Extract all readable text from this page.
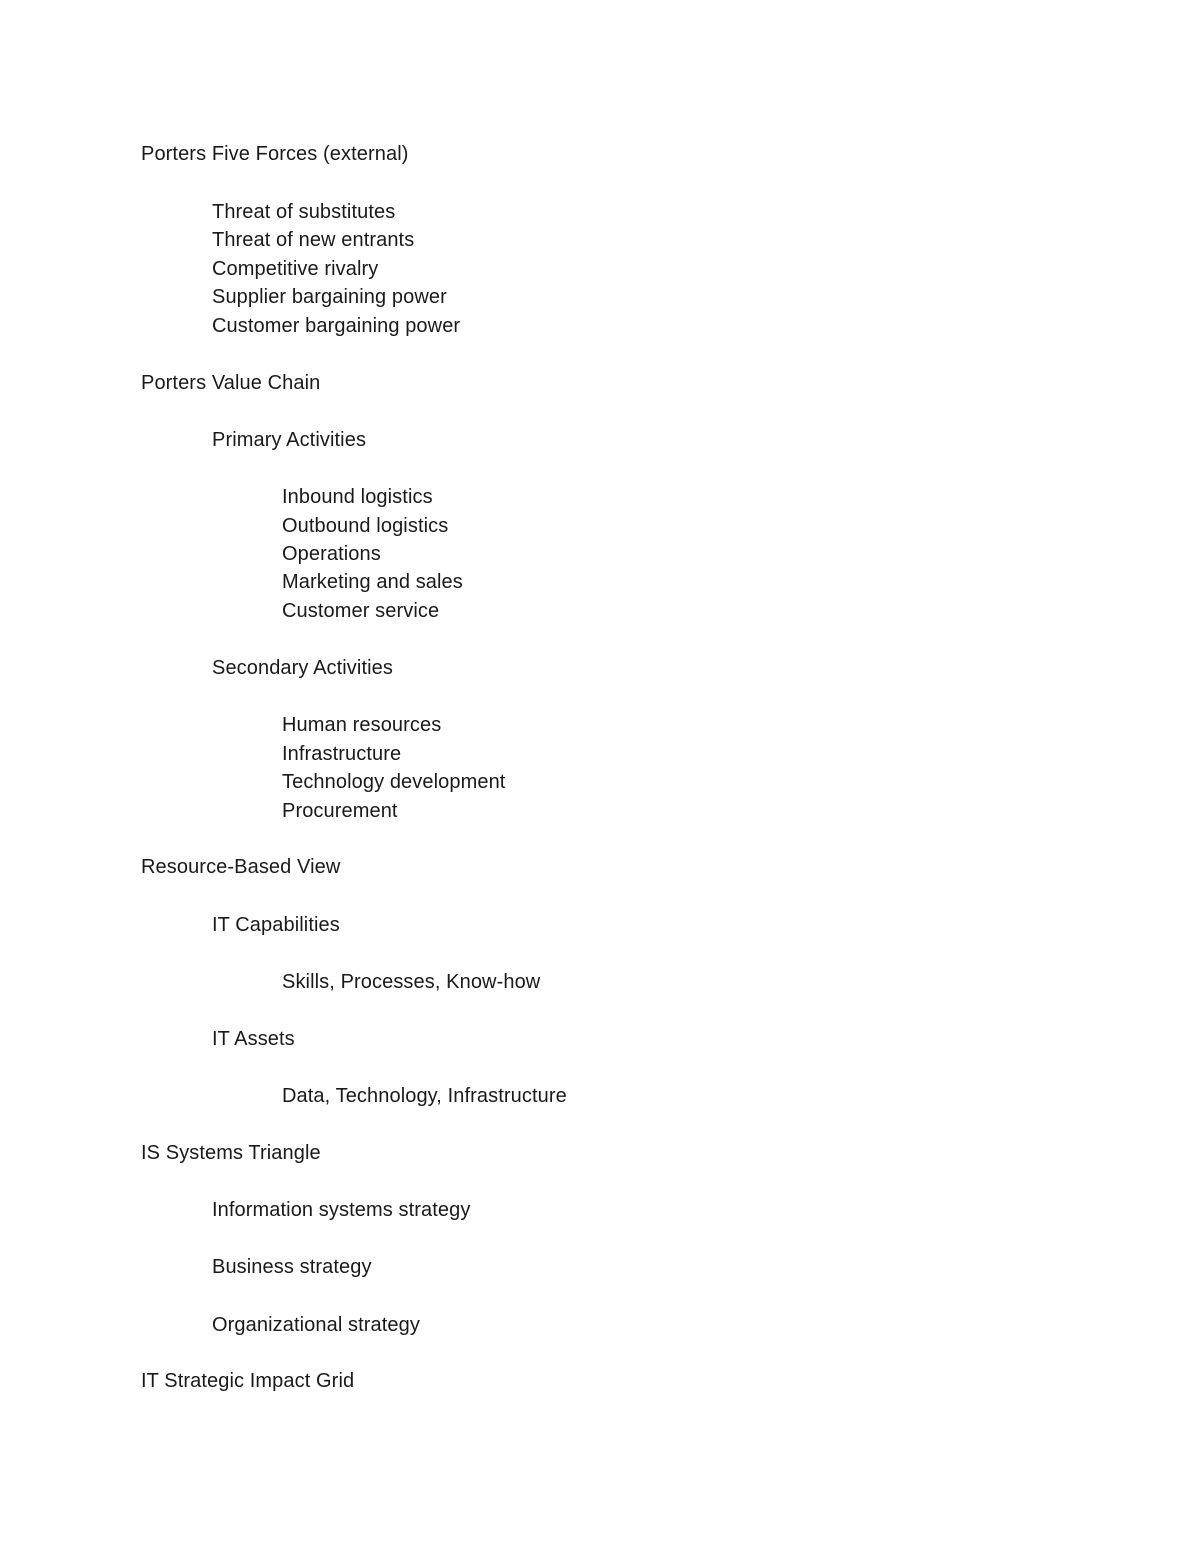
Porters Five Forces (external)
Threat of substitutes
Threat of new entrants
Competitive rivalry
Supplier bargaining power
Customer bargaining power
Porters Value Chain
Primary Activities
Inbound logistics
Outbound logistics
Operations
Marketing and sales
Customer service
Secondary Activities
Human resources
Infrastructure
Technology development
Procurement
Resource-Based View
IT Capabilities
Skills, Processes, Know-how
IT Assets
Data, Technology, Infrastructure
IS Systems Triangle
Information systems strategy
Business strategy
Organizational strategy
IT Strategic Impact Grid
